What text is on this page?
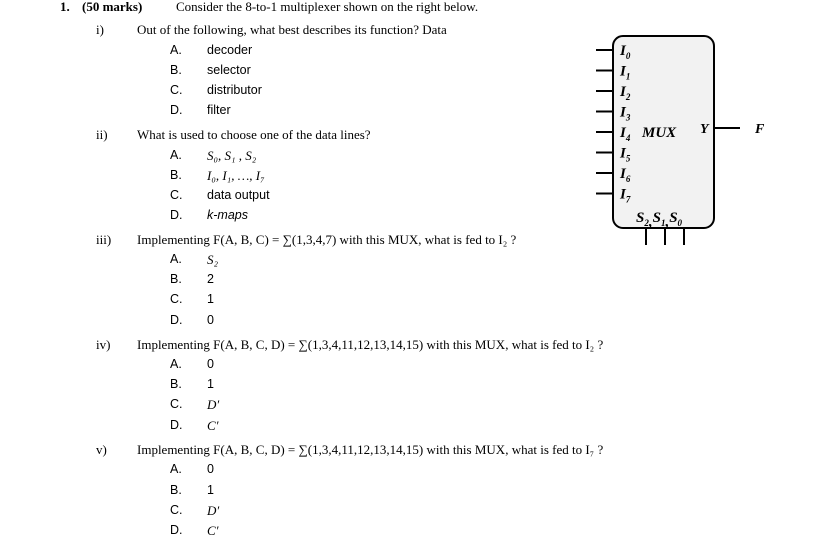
1. (50 marks)	Consider the 8-to-1 multiplexer shown on the right below.
i)	Out of the following, what best describes its function? Data
A. decoder
B. selector
C. distributor
D. filter
ii) What is used to choose one of the data lines?
A. S₀, S₁ , S₂
B. I₀, I₁, …, I₇
C. data output
D. k-maps
iii) Implementing F(A, B, C) = ∑(1,3,4,7) with this MUX, what is fed to I₂ ?
A. S₂
B. 2
C. 1
D. 0
iv) Implementing F(A, B, C, D) = ∑(1,3,4,11,12,13,14,15) with this MUX, what is fed to I₂ ?
A. 0
B. 1
C. D′
D. C′
v) Implementing F(A, B, C, D) = ∑(1,3,4,11,12,13,14,15) with this MUX, what is fed to I₇ ?
A. 0
B. 1
C. D′
D. C′
$I_0$
$I_1$
$I_2$
$I_3$
$I_4$
$I_5$
$I_6$
$I_7$
MUX Y	F
$S_2,S_1,S_0$
